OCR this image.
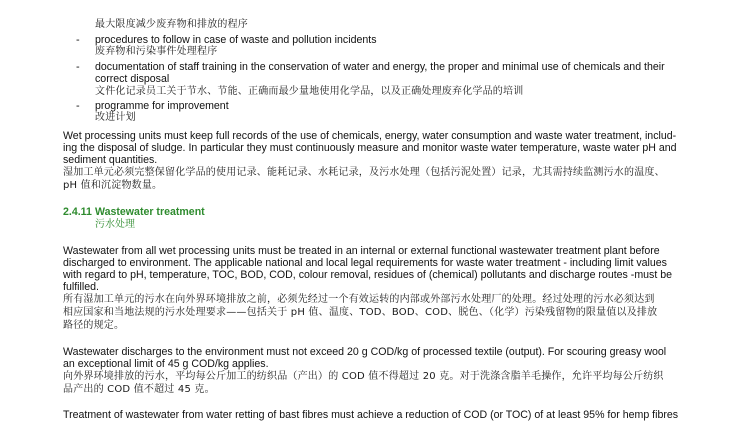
最大限度减少废弃物和排放的程序
- procedures to follow in case of waste and pollution incidents
废弃物和污染事件处理程序
- documentation of staff training in the conservation of water and energy, the proper and minimal use of chemicals and their
correct disposal
文件化记录员工关于节水、节能、正确而最少量地使用化学品，以及正确处理废弃化学品的培训
- programme for improvement
改进计划
Wet processing units must keep full records of the use of chemicals, energy, water consumption and waste water treatment, includ-
ing the disposal of sludge. In particular they must continuously measure and monitor waste water temperature, waste water pH and
sediment quantities.
湿加工单元必须完整保留化学品的使用记录、能耗记录、水耗记录，及污水处理（包括污泥处置）记录，尤其需持续监测污水的温度、
pH 值和沉淀物数量。
2.4.11 Wastewater treatment
污水处理
Wastewater from all wet processing units must be treated in an internal or external functional wastewater treatment plant before
discharged to environment. The applicable national and local legal requirements for waste water treatment - including limit values
with regard to pH, temperature, TOC, BOD, COD, colour removal, residues of (chemical) pollutants and discharge routes -must be
fulfilled.
所有湿加工单元的污水在向外界环境排放之前，必须先经过一个有效运转的内部或外部污水处理厂的处理。经过处理的污水必须达到
相应国家和当地法规的污水处理要求——包括关于 pH 值、温度、TOD、BOD、COD、脱色、（化学）污染残留物的限量值以及排放
路径的规定。
Wastewater discharges to the environment must not exceed 20 g COD/kg of processed textile (output). For scouring greasy wool
an exceptional limit of 45 g COD/kg applies.
向外界环境排放的污水，平均每公斤加工的纺织品（产出）的 COD 值不得超过 20 克。对于洗涤含脂羊毛操作，允许平均每公斤纺织
品产出的 COD 值不超过 45 克。
Treatment of wastewater from water retting of bast fibres must achieve a reduction of COD (or TOC) of at least 95% for hemp fibres
